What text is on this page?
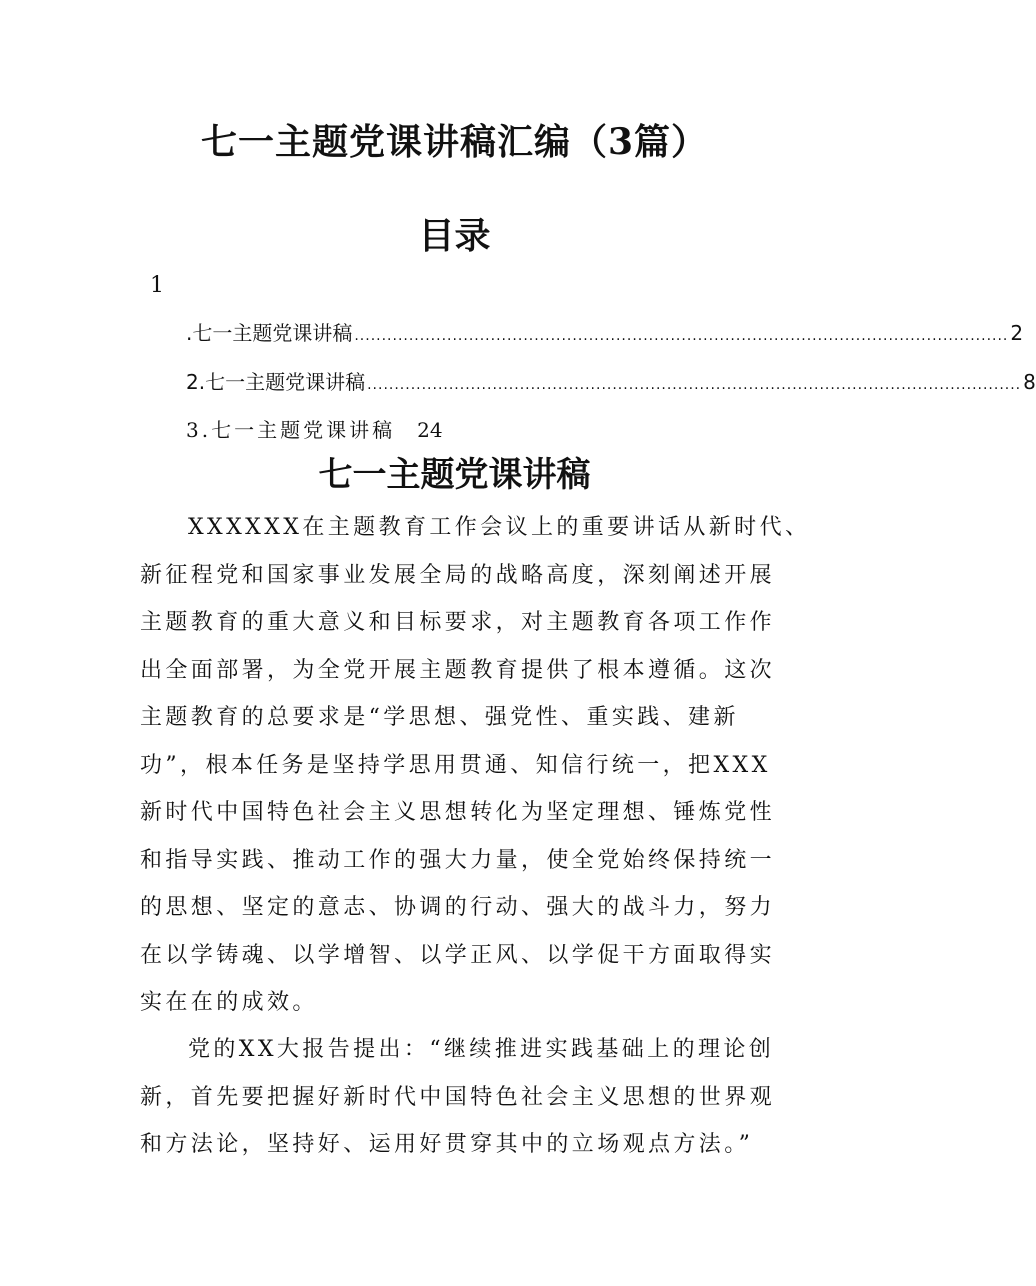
七一主题党课讲稿汇编（3篇）
目录
1
.七一主题党课讲稿 ........................................................................................................................ 2
2.七一主题党课讲稿 ........................................................................................................................ 8
3.七一主题党课讲稿 24
七一主题党课讲稿
XXXXXX在主题教育工作会议上的重要讲话从新时代、
新征程党和国家事业发展全局的战略高度，深刻阐述开展
主题教育的重大意义和目标要求，对主题教育各项工作作
出全面部署，为全党开展主题教育提供了根本遵循。这次
主题教育的总要求是“学思想、强党性、重实践、建新
功”，根本任务是坚持学思用贯通、知信行统一，把XXX
新时代中国特色社会主义思想转化为坚定理想、锤炼党性
和指导实践、推动工作的强大力量，使全党始终保持统一
的思想、坚定的意志、协调的行动、强大的战斗力，努力
在以学铸魂、以学增智、以学正风、以学促干方面取得实
实在在的成效。
党的XX大报告提出：“继续推进实践基础上的理论创
新，首先要把握好新时代中国特色社会主义思想的世界观
和方法论，坚持好、运用好贯穿其中的立场观点方法。”
